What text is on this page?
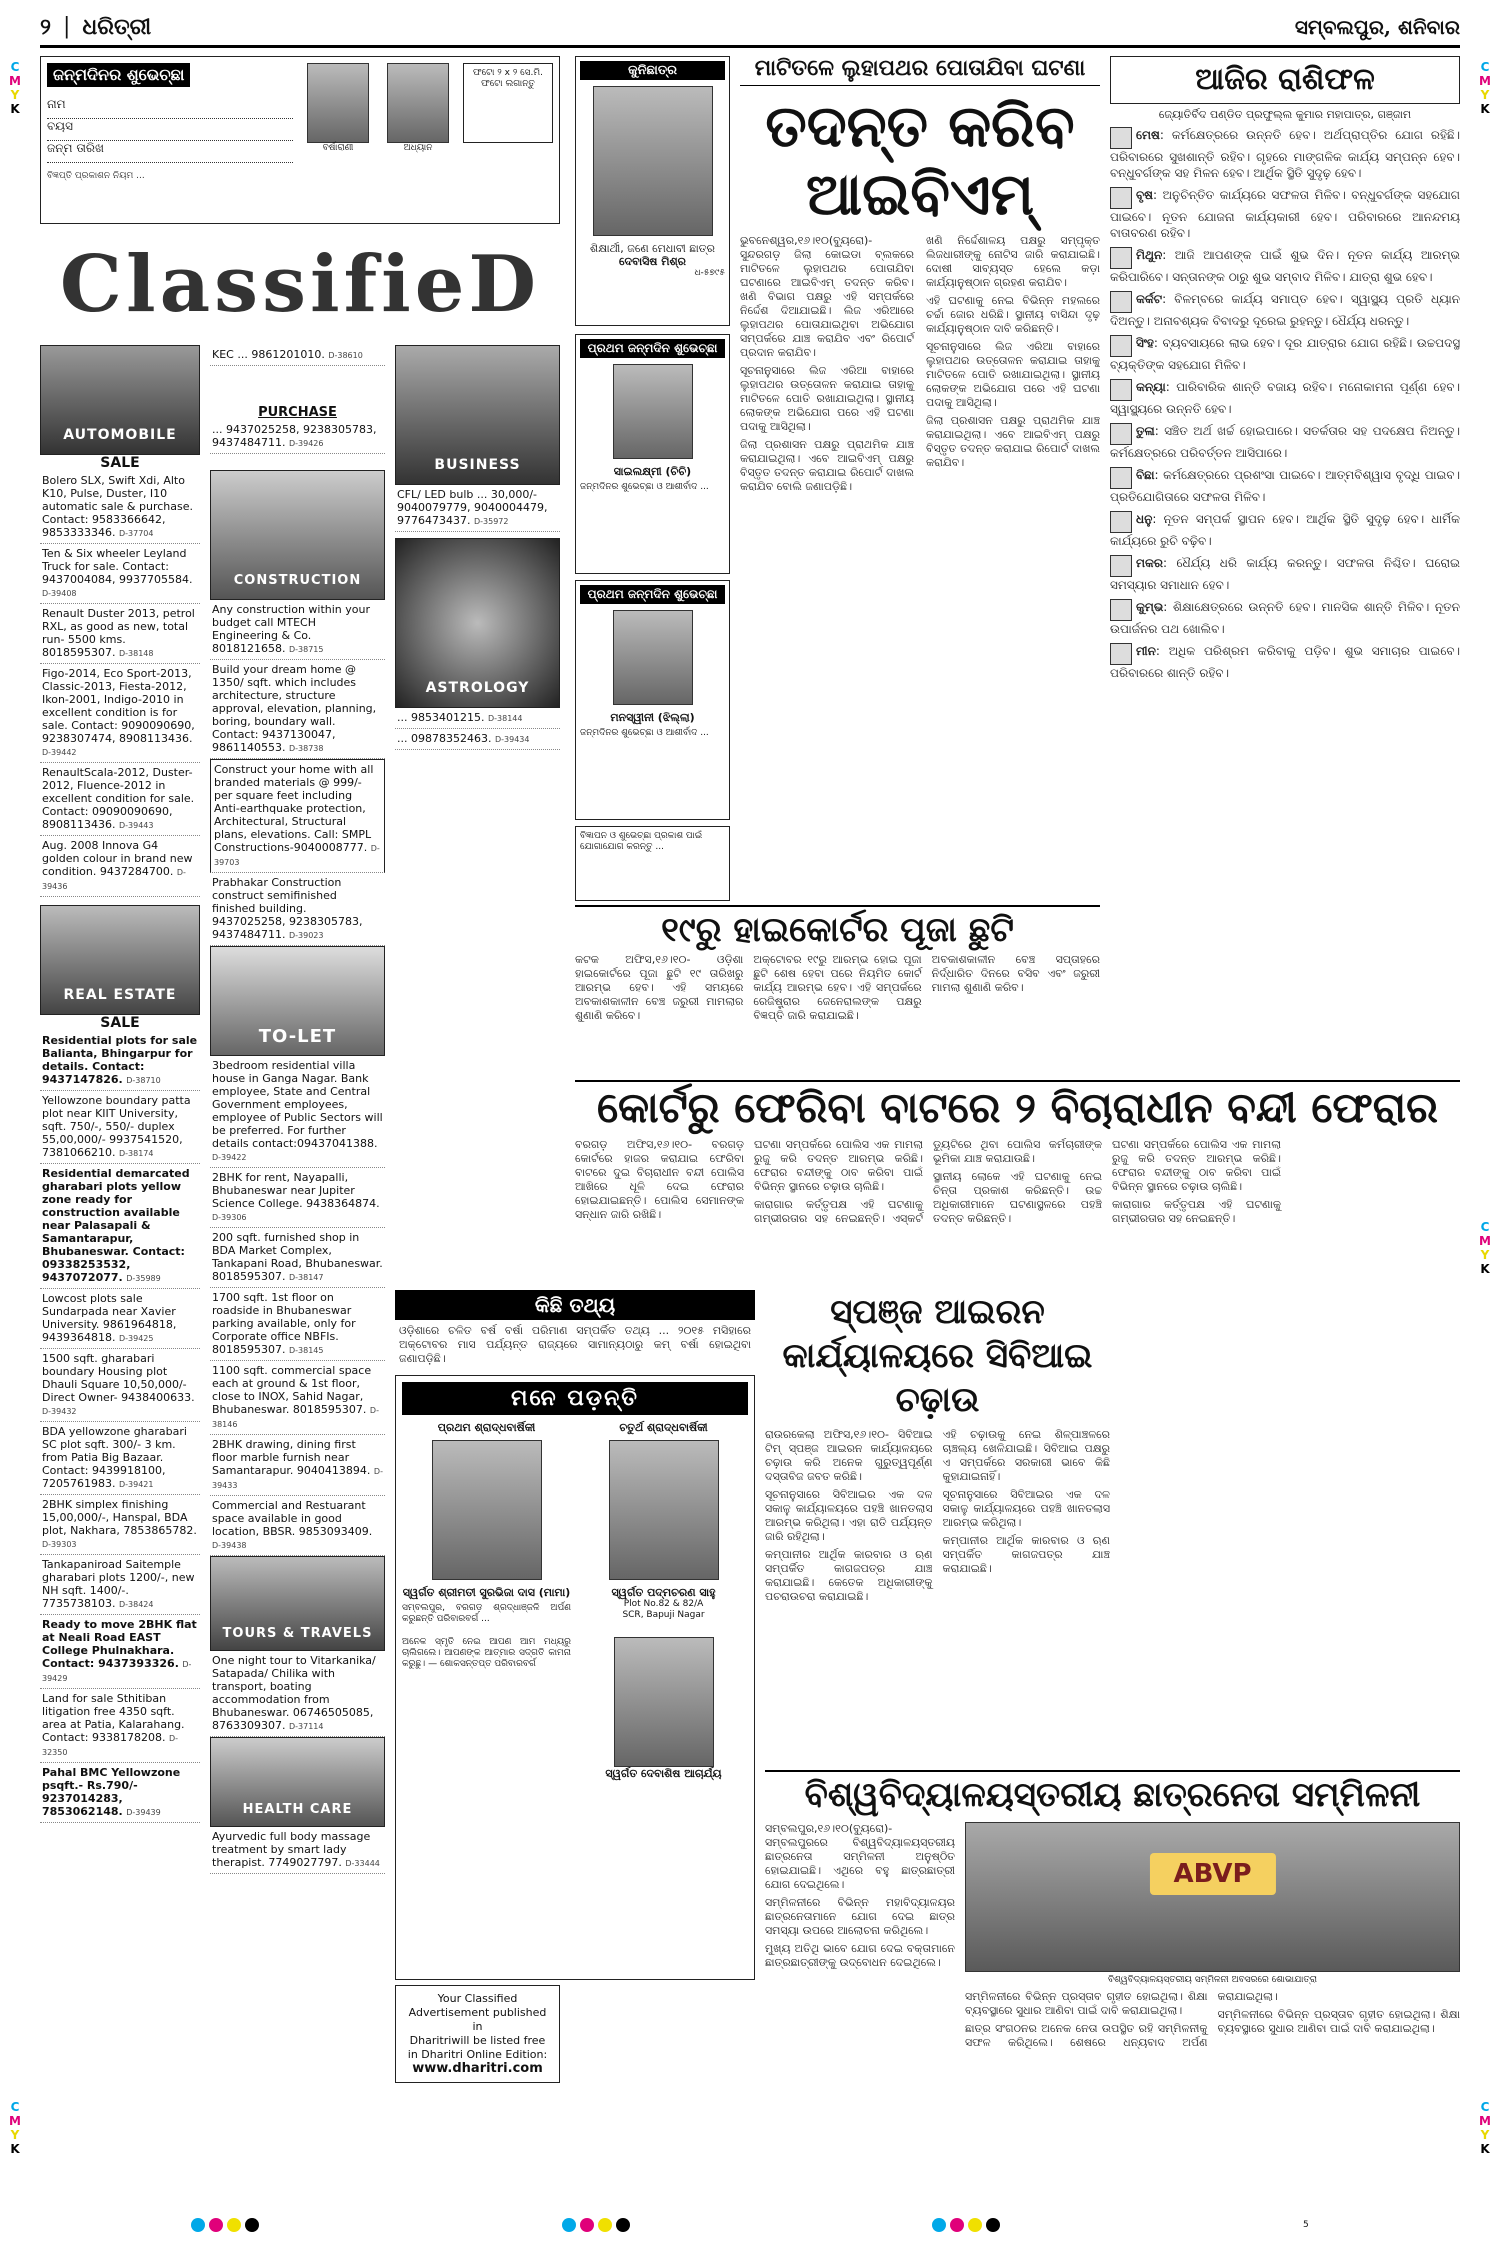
୨ | ଧରିତ୍ରୀ	ସମ୍ବଲପୁର, ଶନିବାର
C
M
Y
K
C
M
Y
K
C
M
Y
K
C
M
Y
K
C
M
Y
K
ଜନ୍ମଦିନର ଶୁଭେଚ୍ଛା
ନାମ
ବୟସ
ଜନ୍ମ ତାରିଖ	ବର୍ଷାରାଣୀ	ଅଧ୍ୟାନ
ଫଟୋ ୨ x ୨ ସେ.ମି. ଫଟୋ ଲଗାନ୍ତୁ
ବିଜ୍ଞପ୍ତି ପ୍ରକାଶନ ନିୟମ ...
ClassifieD
AUTOMOBILE
SALE
Bolero SLX, Swift Xdi, Alto K10, Pulse, Duster, I10 automatic sale & purchase. Contact: 9583366642, 9853333346. D-37704
Ten & Six wheeler Leyland Truck for sale. Contact: 9437004084, 9937705584. D-39408
Renault Duster 2013, petrol RXL, as good as new, total run- 5500 kms. 8018595307. D-38148
Figo-2014, Eco Sport-2013, Classic-2013, Fiesta-2012, Ikon-2001, Indigo-2010 in excellent condition is for sale. Contact: 9090090690, 9238307474, 8908113436. D-39442
RenaultScala-2012, Duster-2012, Fluence-2012 in excellent condition for sale. Contact: 09090090690, 8908113436. D-39443
Aug. 2008 Innova G4 golden colour in brand new condition. 9437284700. D-39436
REAL ESTATE
SALE
Residential plots for sale Balianta, Bhingarpur for details. Contact: 9437147826. D-38710
Yellowzone boundary patta plot near KIIT University, sqft. 750/-, 550/- duplex 55,00,000/- 9937541520, 7381066210. D-38174
Residential demarcated gharabari plots yellow zone ready for construction available near Palasapali & Samantarapur, Bhubaneswar. Contact: 09338253532, 9437072077. D-35989
Lowcost plots sale Sundarpada near Xavier University. 9861964818, 9439364818. D-39425
1500 sqft. gharabari boundary Housing plot Dhauli Square 10,50,000/- Direct Owner- 9438400633. D-39432
BDA yellowzone gharabari SC plot sqft. 300/- 3 km. from Patia Big Bazaar. Contact: 9439918100, 7205761983. D-39421
2BHK simplex finishing 15,00,000/-, Hanspal, BDA plot, Nakhara, 7853865782. D-39303
Tankapaniroad Saitemple gharabari plots 1200/-, new NH sqft. 1400/-. 7735738103. D-38424
Ready to move 2BHK flat at Neali Road EAST College Phulnakhara. Contact: 9437393326. D-39429
Land for sale Sthitiban litigation free 4350 sqft. area at Patia, Kalarahang. Contact: 9338178208. D-32350
Pahal BMC Yellowzone psqft.- Rs.790/- 9237014283, 7853062148. D-39439
KEC ... 9861201010. D-38610
PURCHASE
... 9437025258, 9238305783, 9437484711. D-39426
CONSTRUCTION
Any construction within your budget call MTECH Engineering & Co. 8018121658. D-38715
Build your dream home @ 1350/ sqft. which includes architecture, structure approval, elevation, planning, boring, boundary wall. Contact: 9437130047, 9861140553. D-38738
Construct your home with all branded materials @ 999/- per square feet including Anti-earthquake protection, Architectural, Structural plans, elevations. Call: SMPL Constructions-9040008777. D-39703
Prabhakar Construction construct semifinished finished building. 9437025258, 9238305783, 9437484711. D-39023
TO-LET
3bedroom residential villa house in Ganga Nagar. Bank employee, State and Central Government employees, employee of Public Sectors will be preferred. For further details contact:09437041388. D-39422
2BHK for rent, Nayapalli, Bhubaneswar near Jupiter Science College. 9438364874. D-39306
200 sqft. furnished shop in BDA Market Complex, Tankapani Road, Bhubaneswar. 8018595307. D-38147
1700 sqft. 1st floor on roadside in Bhubaneswar parking available, only for Corporate office NBFIs. 8018595307. D-38145
1100 sqft. commercial space each at ground & 1st floor, close to INOX, Sahid Nagar, Bhubaneswar. 8018595307. D-38146
2BHK drawing, dining first floor marble furnish near Samantarapur. 9040413894. D-39433
Commercial and Restuarant space available in good location, BBSR. 9853093409. D-39438
TOURS & TRAVELS
One night tour to Vitarkanika/ Satapada/ Chilika with transport, boating accommodation from Bhubaneswar. 06746505085, 8763309307. D-37114
HEALTH CARE
Ayurvedic full body massage treatment by smart lady therapist. 7749027797. D-33444
BUSINESS
CFL/ LED bulb ... 30,000/- 9040079779, 9040004479, 9776473437. D-35972
ASTROLOGY
... 9853401215. D-38144
... 09878352463. D-39434
Your Classified
Advertisement published in
Dharitriwill be listed free
in Dharitri Online Edition:
www.dharitri.com
କୁନିଛାତ୍ର
ଶିକ୍ଷାର୍ଥୀ, ଜଣେ ମେଧାବୀ ଛାତ୍ର
ଦେବାସିଷ ମିଶ୍ର
ଧ-୫୭୯୫
ପ୍ରଥମ ଜନ୍ମଦିନ ଶୁଭେଚ୍ଛା
ସାଇଲକ୍ଷ୍ମୀ (ଚିଚି)
ଜନ୍ମଦିନର ଶୁଭେଚ୍ଛା ଓ ଆଶୀର୍ବାଦ ...
ପ୍ରଥମ ଜନ୍ମଦିନ ଶୁଭେଚ୍ଛା
ମନସ୍ୱୀନୀ (ଝିଲ୍ଲା)
ଜନ୍ମଦିନର ଶୁଭେଚ୍ଛା ଓ ଆଶୀର୍ବାଦ ...
ବିଜ୍ଞାପନ ଓ ଶୁଭେଚ୍ଛା ପ୍ରକାଶ ପାଇଁ ଯୋଗାଯୋଗ କରନ୍ତୁ ...
ମାଟିତଳେ ଲୁହାପଥର ପୋତାଯିବା ଘଟଣା
ତଦନ୍ତ କରିବ ଆଇବିଏମ୍

ଭୁବନେଶ୍ୱର,୧୬।୧୦(ବ୍ୟୁରୋ)- ସୁନ୍ଦରଗଡ଼ ଜିଲା କୋଇଡା ବ୍ଲକରେ ମାଟିତଳେ ଲୁହାପଥର ପୋତାଯିବା ଘଟଣାରେ ଆଇବିଏମ୍ ତଦନ୍ତ କରିବ। ଖଣି ବିଭାଗ ପକ୍ଷରୁ ଏହି ସମ୍ପର୍କରେ ନିର୍ଦ୍ଦେଶ ଦିଆଯାଇଛି। ଲିଜ ଏରିଆରେ ଲୁହାପଥର ପୋତାଯାଇଥିବା ଅଭିଯୋଗ ସମ୍ପର୍କରେ ଯାଞ୍ଚ କରାଯିବ ଏବଂ ରିପୋର୍ଟ ପ୍ରଦାନ କରାଯିବ।

ସୂଚନାନୁସାରେ ଲିଜ ଏରିଆ ବାହାରେ ଲୁହାପଥର ଉତ୍ତୋଳନ କରାଯାଇ ତାହାକୁ ମାଟିତଳେ ପୋତି ରଖାଯାଇଥିଲା। ସ୍ଥାନୀୟ ଲୋକଙ୍କ ଅଭିଯୋଗ ପରେ ଏହି ଘଟଣା ପଦାକୁ ଆସିଥିଲା।

ଜିଲା ପ୍ରଶାସନ ପକ୍ଷରୁ ପ୍ରାଥମିକ ଯାଞ୍ଚ କରାଯାଇଥିଲା। ଏବେ ଆଇବିଏମ୍ ପକ୍ଷରୁ ବିସ୍ତୃତ ତଦନ୍ତ କରାଯାଇ ରିପୋର୍ଟ ଦାଖଲ କରାଯିବ ବୋଲି ଜଣାପଡ଼ିଛି।

ଖଣି ନିର୍ଦ୍ଦେଶାଳୟ ପକ୍ଷରୁ ସମ୍ପୃକ୍ତ ଲିଜଧାରୀଙ୍କୁ ନୋଟିସ ଜାରି କରାଯାଇଛି। ଦୋଷୀ ସାବ୍ୟସ୍ତ ହେଲେ କଡ଼ା କାର୍ଯ୍ୟାନୁଷ୍ଠାନ ଗ୍ରହଣ କରାଯିବ।

ଏହି ଘଟଣାକୁ ନେଇ ବିଭିନ୍ନ ମହଲରେ ଚର୍ଚ୍ଚା ଜୋର ଧରିଛି। ସ୍ଥାନୀୟ ବାସିନ୍ଦା ଦୃଢ଼ କାର୍ଯ୍ୟାନୁଷ୍ଠାନ ଦାବି କରିଛନ୍ତି।

ସୂଚନାନୁସାରେ ଲିଜ ଏରିଆ ବାହାରେ ଲୁହାପଥର ଉତ୍ତୋଳନ କରାଯାଇ ତାହାକୁ ମାଟିତଳେ ପୋତି ରଖାଯାଇଥିଲା। ସ୍ଥାନୀୟ ଲୋକଙ୍କ ଅଭିଯୋଗ ପରେ ଏହି ଘଟଣା ପଦାକୁ ଆସିଥିଲା।

ଜିଲା ପ୍ରଶାସନ ପକ୍ଷରୁ ପ୍ରାଥମିକ ଯାଞ୍ଚ କରାଯାଇଥିଲା। ଏବେ ଆଇବିଏମ୍ ପକ୍ଷରୁ ବିସ୍ତୃତ ତଦନ୍ତ କରାଯାଇ ରିପୋର୍ଟ ଦାଖଲ କରାଯିବ।

୧୯ରୁ ହାଇକୋର୍ଟର ପୂଜା ଛୁଟି

କଟକ ଅଫିସ,୧୬।୧୦- ଓଡ଼ିଶା ହାଇକୋର୍ଟରେ ପୂଜା ଛୁଟି ୧୯ ତାରିଖରୁ ଆରମ୍ଭ ହେବ। ଏହି ସମୟରେ ଅବକାଶକାଳୀନ ବେଞ୍ଚ ଜରୁରୀ ମାମଲାର ଶୁଣାଣି କରିବେ।

ଅକ୍ଟୋବର ୧୯ରୁ ଆରମ୍ଭ ହୋଇ ପୂଜା ଛୁଟି ଶେଷ ହେବା ପରେ ନିୟମିତ କୋର୍ଟ କାର୍ଯ୍ୟ ଆରମ୍ଭ ହେବ। ଏହି ସମ୍ପର୍କରେ ରେଜିଷ୍ଟ୍ରାର ଜେନେରାଲଙ୍କ ପକ୍ଷରୁ ବିଜ୍ଞପ୍ତି ଜାରି କରାଯାଇଛି।

ଅବକାଶକାଳୀନ ବେଞ୍ଚ ସପ୍ତାହରେ ନିର୍ଦ୍ଧାରିତ ଦିନରେ ବସିବ ଏବଂ ଜରୁରୀ ମାମଲା ଶୁଣାଣି କରିବ।

ଆଜିର ରାଶିଫଳ
ଜ୍ୟୋତିର୍ବିଦ ପଣ୍ଡିତ ପ୍ରଫୁଲ୍ଲ କୁମାର ମହାପାତ୍ର, ଗଞ୍ଜାମ

ମେଷ: କର୍ମକ୍ଷେତ୍ରରେ ଉନ୍ନତି ହେବ। ଅର୍ଥପ୍ରାପ୍ତିର ଯୋଗ ରହିଛି। ପରିବାରରେ ସୁଖଶାନ୍ତି ରହିବ। ଗୃହରେ ମାଙ୍ଗଳିକ କାର୍ଯ୍ୟ ସମ୍ପନ୍ନ ହେବ। ବନ୍ଧୁବର୍ଗଙ୍କ ସହ ମିଳନ ହେବ। ଆର୍ଥିକ ସ୍ଥିତି ସୁଦୃଢ଼ ହେବ।

ବୃଷ: ଅନୁଚିନ୍ତିତ କାର୍ଯ୍ୟରେ ସଫଳତା ମିଳିବ। ବନ୍ଧୁବର୍ଗଙ୍କ ସହଯୋଗ ପାଇବେ। ନୂତନ ଯୋଜନା କାର୍ଯ୍ୟକାରୀ ହେବ। ପରିବାରରେ ଆନନ୍ଦମୟ ବାତାବରଣ ରହିବ।

ମିଥୁନ: ଆଜି ଆପଣଙ୍କ ପାଇଁ ଶୁଭ ଦିନ। ନୂତନ କାର୍ଯ୍ୟ ଆରମ୍ଭ କରିପାରିବେ। ସନ୍ତାନଙ୍କ ଠାରୁ ଶୁଭ ସମ୍ବାଦ ମିଳିବ। ଯାତ୍ରା ଶୁଭ ହେବ।

କର୍କଟ: ବିଳମ୍ବରେ କାର୍ଯ୍ୟ ସମାପ୍ତ ହେବ। ସ୍ୱାସ୍ଥ୍ୟ ପ୍ରତି ଧ୍ୟାନ ଦିଅନ୍ତୁ। ଅନାବଶ୍ୟକ ବିବାଦରୁ ଦୂରେଇ ରୁହନ୍ତୁ। ଧୈର୍ଯ୍ୟ ଧରନ୍ତୁ।

ସିଂହ: ବ୍ୟବସାୟରେ ଲାଭ ହେବ। ଦୂର ଯାତ୍ରାର ଯୋଗ ରହିଛି। ଉଚ୍ଚପଦସ୍ଥ ବ୍ୟକ୍ତିଙ୍କ ସହଯୋଗ ମିଳିବ।

କନ୍ୟା: ପାରିବାରିକ ଶାନ୍ତି ବଜାୟ ରହିବ। ମନୋକାମନା ପୂର୍ଣ୍ଣ ହେବ। ସ୍ୱାସ୍ଥ୍ୟରେ ଉନ୍ନତି ହେବ।

ତୁଳା: ସଞ୍ଚିତ ଅର୍ଥ ଖର୍ଚ୍ଚ ହୋଇପାରେ। ସତର୍କତାର ସହ ପଦକ୍ଷେପ ନିଅନ୍ତୁ। କର୍ମକ୍ଷେତ୍ରରେ ପରିବର୍ତ୍ତନ ଆସିପାରେ।

ବିଛା: କର୍ମକ୍ଷେତ୍ରରେ ପ୍ରଶଂସା ପାଇବେ। ଆତ୍ମବିଶ୍ୱାସ ବୃଦ୍ଧି ପାଇବ। ପ୍ରତିଯୋଗିତାରେ ସଫଳତା ମିଳିବ।

ଧନୁ: ନୂତନ ସମ୍ପର୍କ ସ୍ଥାପନ ହେବ। ଆର୍ଥିକ ସ୍ଥିତି ସୁଦୃଢ଼ ହେବ। ଧାର୍ମିକ କାର୍ଯ୍ୟରେ ରୁଚି ବଢ଼ିବ।

ମକର: ଧୈର୍ଯ୍ୟ ଧରି କାର୍ଯ୍ୟ କରନ୍ତୁ। ସଫଳତା ନିଶ୍ଚିତ। ଘରୋଇ ସମସ୍ୟାର ସମାଧାନ ହେବ।

କୁମ୍ଭ: ଶିକ୍ଷାକ୍ଷେତ୍ରରେ ଉନ୍ନତି ହେବ। ମାନସିକ ଶାନ୍ତି ମିଳିବ। ନୂତନ ଉପାର୍ଜନର ପଥ ଖୋଲିବ।

ମୀନ: ଅଧିକ ପରିଶ୍ରମ କରିବାକୁ ପଡ଼ିବ। ଶୁଭ ସମାଚାର ପାଇବେ। ପରିବାରରେ ଶାନ୍ତି ରହିବ।

କୋର୍ଟରୁ ଫେରିବା ବାଟରେ ୨ ବିଚାରାଧୀନ ବନ୍ଦୀ ଫେରାର

ବରଗଡ଼ ଅଫିସ,୧୬।୧୦- ବରଗଡ଼ କୋର୍ଟରେ ହାଜର କରାଯାଇ ଫେରିବା ବାଟରେ ଦୁଇ ବିଚାରାଧୀନ ବନ୍ଦୀ ପୋଲିସ ଆଖିରେ ଧୂଳି ଦେଇ ଫେରାର ହୋଇଯାଇଛନ୍ତି। ପୋଲିସ ସେମାନଙ୍କ ସନ୍ଧାନ ଜାରି ରଖିଛି।

ଘଟଣା ସମ୍ପର୍କରେ ପୋଲିସ ଏକ ମାମଲା ରୁଜୁ କରି ତଦନ୍ତ ଆରମ୍ଭ କରିଛି। ଫେରାର ବନ୍ଦୀଙ୍କୁ ଠାବ କରିବା ପାଇଁ ବିଭିନ୍ନ ସ୍ଥାନରେ ଚଢ଼ାଉ ଚାଲିଛି।

କାରାଗାର କର୍ତ୍ତୃପକ୍ଷ ଏହି ଘଟଣାକୁ ଗମ୍ଭୀରତାର ସହ ନେଇଛନ୍ତି। ଏସ୍କର୍ଟ ଡ୍ୟୁଟିରେ ଥିବା ପୋଲିସ କର୍ମଚାରୀଙ୍କ ଭୂମିକା ଯାଞ୍ଚ କରାଯାଉଛି।

ସ୍ଥାନୀୟ ଲୋକେ ଏହି ଘଟଣାକୁ ନେଇ ଚିନ୍ତା ପ୍ରକାଶ କରିଛନ୍ତି। ଉଚ୍ଚ ଅଧିକାରୀମାନେ ଘଟଣାସ୍ଥଳରେ ପହଞ୍ଚି ତଦନ୍ତ କରିଛନ୍ତି।

ଘଟଣା ସମ୍ପର୍କରେ ପୋଲିସ ଏକ ମାମଲା ରୁଜୁ କରି ତଦନ୍ତ ଆରମ୍ଭ କରିଛି। ଫେରାର ବନ୍ଦୀଙ୍କୁ ଠାବ କରିବା ପାଇଁ ବିଭିନ୍ନ ସ୍ଥାନରେ ଚଢ଼ାଉ ଚାଲିଛି।

କାରାଗାର କର୍ତ୍ତୃପକ୍ଷ ଏହି ଘଟଣାକୁ ଗମ୍ଭୀରତାର ସହ ନେଇଛନ୍ତି।

କିଛି ତଥ୍ୟ
ଓଡ଼ିଶାରେ ଚଳିତ ବର୍ଷ ବର୍ଷା ପରିମାଣ ସମ୍ପର୍କିତ ତଥ୍ୟ ... ୨୦୧୫ ମସିହାରେ ଅକ୍ଟୋବର ମାସ ପର୍ଯ୍ୟନ୍ତ ରାଜ୍ୟରେ ସାମାନ୍ୟଠାରୁ କମ୍ ବର୍ଷା ହୋଇଥିବା ଜଣାପଡ଼ିଛି।
ମନେ ପଡ଼ନ୍ତି
ପ୍ରଥମ ଶ୍ରାଦ୍ଧବାର୍ଷିକୀ
ସ୍ୱର୍ଗତ ଶ୍ରୀମତୀ ସୁରଭିଜା ଦାସ (ମାମା)
ସମ୍ବଲପୁର, ବରଗଡ଼ ଶ୍ରଦ୍ଧାଞ୍ଜଳି ଅର୍ପଣ କରୁଛନ୍ତି ପରିବାରବର୍ଗ ...
ଚତୁର୍ଥ ଶ୍ରାଦ୍ଧବାର୍ଷିକୀ
ସ୍ୱର୍ଗତ ପଦ୍ମଚରଣ ସାହୁ
Plot No.82 & 82/A
SCR, Bapuji Nagar
ଅନେକ ସ୍ମୃତି ନେଇ ଆପଣ ଆମ ମଧ୍ୟରୁ ଚାଲିଗଲେ। ଆପଣଙ୍କ ଆତ୍ମାର ସଦ୍‌ଗତି କାମନା କରୁଛୁ। — ଶୋକସନ୍ତପ୍ତ ପରିବାରବର୍ଗ
ସ୍ୱର୍ଗତ ଦେବାଶିଷ ଆଚାର୍ଯ୍ୟ
ସ୍ପଞ୍ଜ ଆଇରନ କାର୍ଯ୍ୟାଳୟରେ ସିବିଆଇ ଚଢ଼ାଉ

ରାଉରକେଲା ଅଫିସ,୧୬।୧୦- ସିବିଆଇ ଟିମ୍ ସ୍ପଞ୍ଜ ଆଇରନ କାର୍ଯ୍ୟାଳୟରେ ଚଢ଼ାଉ କରି ଅନେକ ଗୁରୁତ୍ୱପୂର୍ଣ୍ଣ ଦସ୍ତାବିଜ ଜବତ କରିଛି।

ସୂଚନାନୁସାରେ ସିବିଆଇର ଏକ ଦଳ ସକାଳୁ କାର୍ଯ୍ୟାଳୟରେ ପହଞ୍ଚି ଖାନତଲାସ ଆରମ୍ଭ କରିଥିଲା। ଏହା ରାତି ପର୍ଯ୍ୟନ୍ତ ଜାରି ରହିଥିଲା।

କମ୍ପାନୀର ଆର୍ଥିକ କାରବାର ଓ ଋଣ ସମ୍ପର୍କିତ କାଗଜପତ୍ର ଯାଞ୍ଚ କରାଯାଇଛି। କେତେକ ଅଧିକାରୀଙ୍କୁ ପଚରାଉଚରା କରାଯାଇଛି।

ଏହି ଚଢ଼ାଉକୁ ନେଇ ଶିଳ୍ପାଞ୍ଚଳରେ ଚାଞ୍ଚଲ୍ୟ ଖେଳିଯାଇଛି। ସିବିଆଇ ପକ୍ଷରୁ ଏ ସମ୍ପର୍କରେ ସରକାରୀ ଭାବେ କିଛି କୁହାଯାଇନାହିଁ।

ସୂଚନାନୁସାରେ ସିବିଆଇର ଏକ ଦଳ ସକାଳୁ କାର୍ଯ୍ୟାଳୟରେ ପହଞ୍ଚି ଖାନତଲାସ ଆରମ୍ଭ କରିଥିଲା।

କମ୍ପାନୀର ଆର୍ଥିକ କାରବାର ଓ ଋଣ ସମ୍ପର୍କିତ କାଗଜପତ୍ର ଯାଞ୍ଚ କରାଯାଇଛି।

ବିଶ୍ୱବିଦ୍ୟାଳୟସ୍ତରୀୟ ଛାତ୍ରନେତା ସମ୍ମିଳନୀ

ସମ୍ବଲପୁର,୧୬।୧୦(ବ୍ୟୁରୋ)- ସମ୍ବଲପୁରରେ ବିଶ୍ୱବିଦ୍ୟାଳୟସ୍ତରୀୟ ଛାତ୍ରନେତା ସମ୍ମିଳନୀ ଅନୁଷ୍ଠିତ ହୋଇଯାଇଛି। ଏଥିରେ ବହୁ ଛାତ୍ରଛାତ୍ରୀ ଯୋଗ ଦେଇଥିଲେ।

ସମ୍ମିଳନୀରେ ବିଭିନ୍ନ ମହାବିଦ୍ୟାଳୟର ଛାତ୍ରନେତାମାନେ ଯୋଗ ଦେଇ ଛାତ୍ର ସମସ୍ୟା ଉପରେ ଆଲୋଚନା କରିଥିଲେ।

ମୁଖ୍ୟ ଅତିଥି ଭାବେ ଯୋଗ ଦେଇ ବକ୍ତାମାନେ ଛାତ୍ରଛାତ୍ରୀଙ୍କୁ ଉଦ୍‌ବୋଧନ ଦେଇଥିଲେ।

ABVP
ବିଶ୍ୱବିଦ୍ୟାଳୟସ୍ତରୀୟ ସମ୍ମିଳନୀ ଅବସରରେ ଶୋଭାଯାତ୍ରା

ସମ୍ମିଳନୀରେ ବିଭିନ୍ନ ପ୍ରସ୍ତାବ ଗୃହୀତ ହୋଇଥିଲା। ଶିକ୍ଷା ବ୍ୟବସ୍ଥାରେ ସୁଧାର ଆଣିବା ପାଇଁ ଦାବି କରାଯାଇଥିଲା।

ଛାତ୍ର ସଂଗଠନର ଅନେକ ନେତା ଉପସ୍ଥିତ ରହି ସମ୍ମିଳନୀକୁ ସଫଳ କରିଥିଲେ। ଶେଷରେ ଧନ୍ୟବାଦ ଅର୍ପଣ କରାଯାଇଥିଲା।

ସମ୍ମିଳନୀରେ ବିଭିନ୍ନ ପ୍ରସ୍ତାବ ଗୃହୀତ ହୋଇଥିଲା। ଶିକ୍ଷା ବ୍ୟବସ୍ଥାରେ ସୁଧାର ଆଣିବା ପାଇଁ ଦାବି କରାଯାଇଥିଲା।

5
